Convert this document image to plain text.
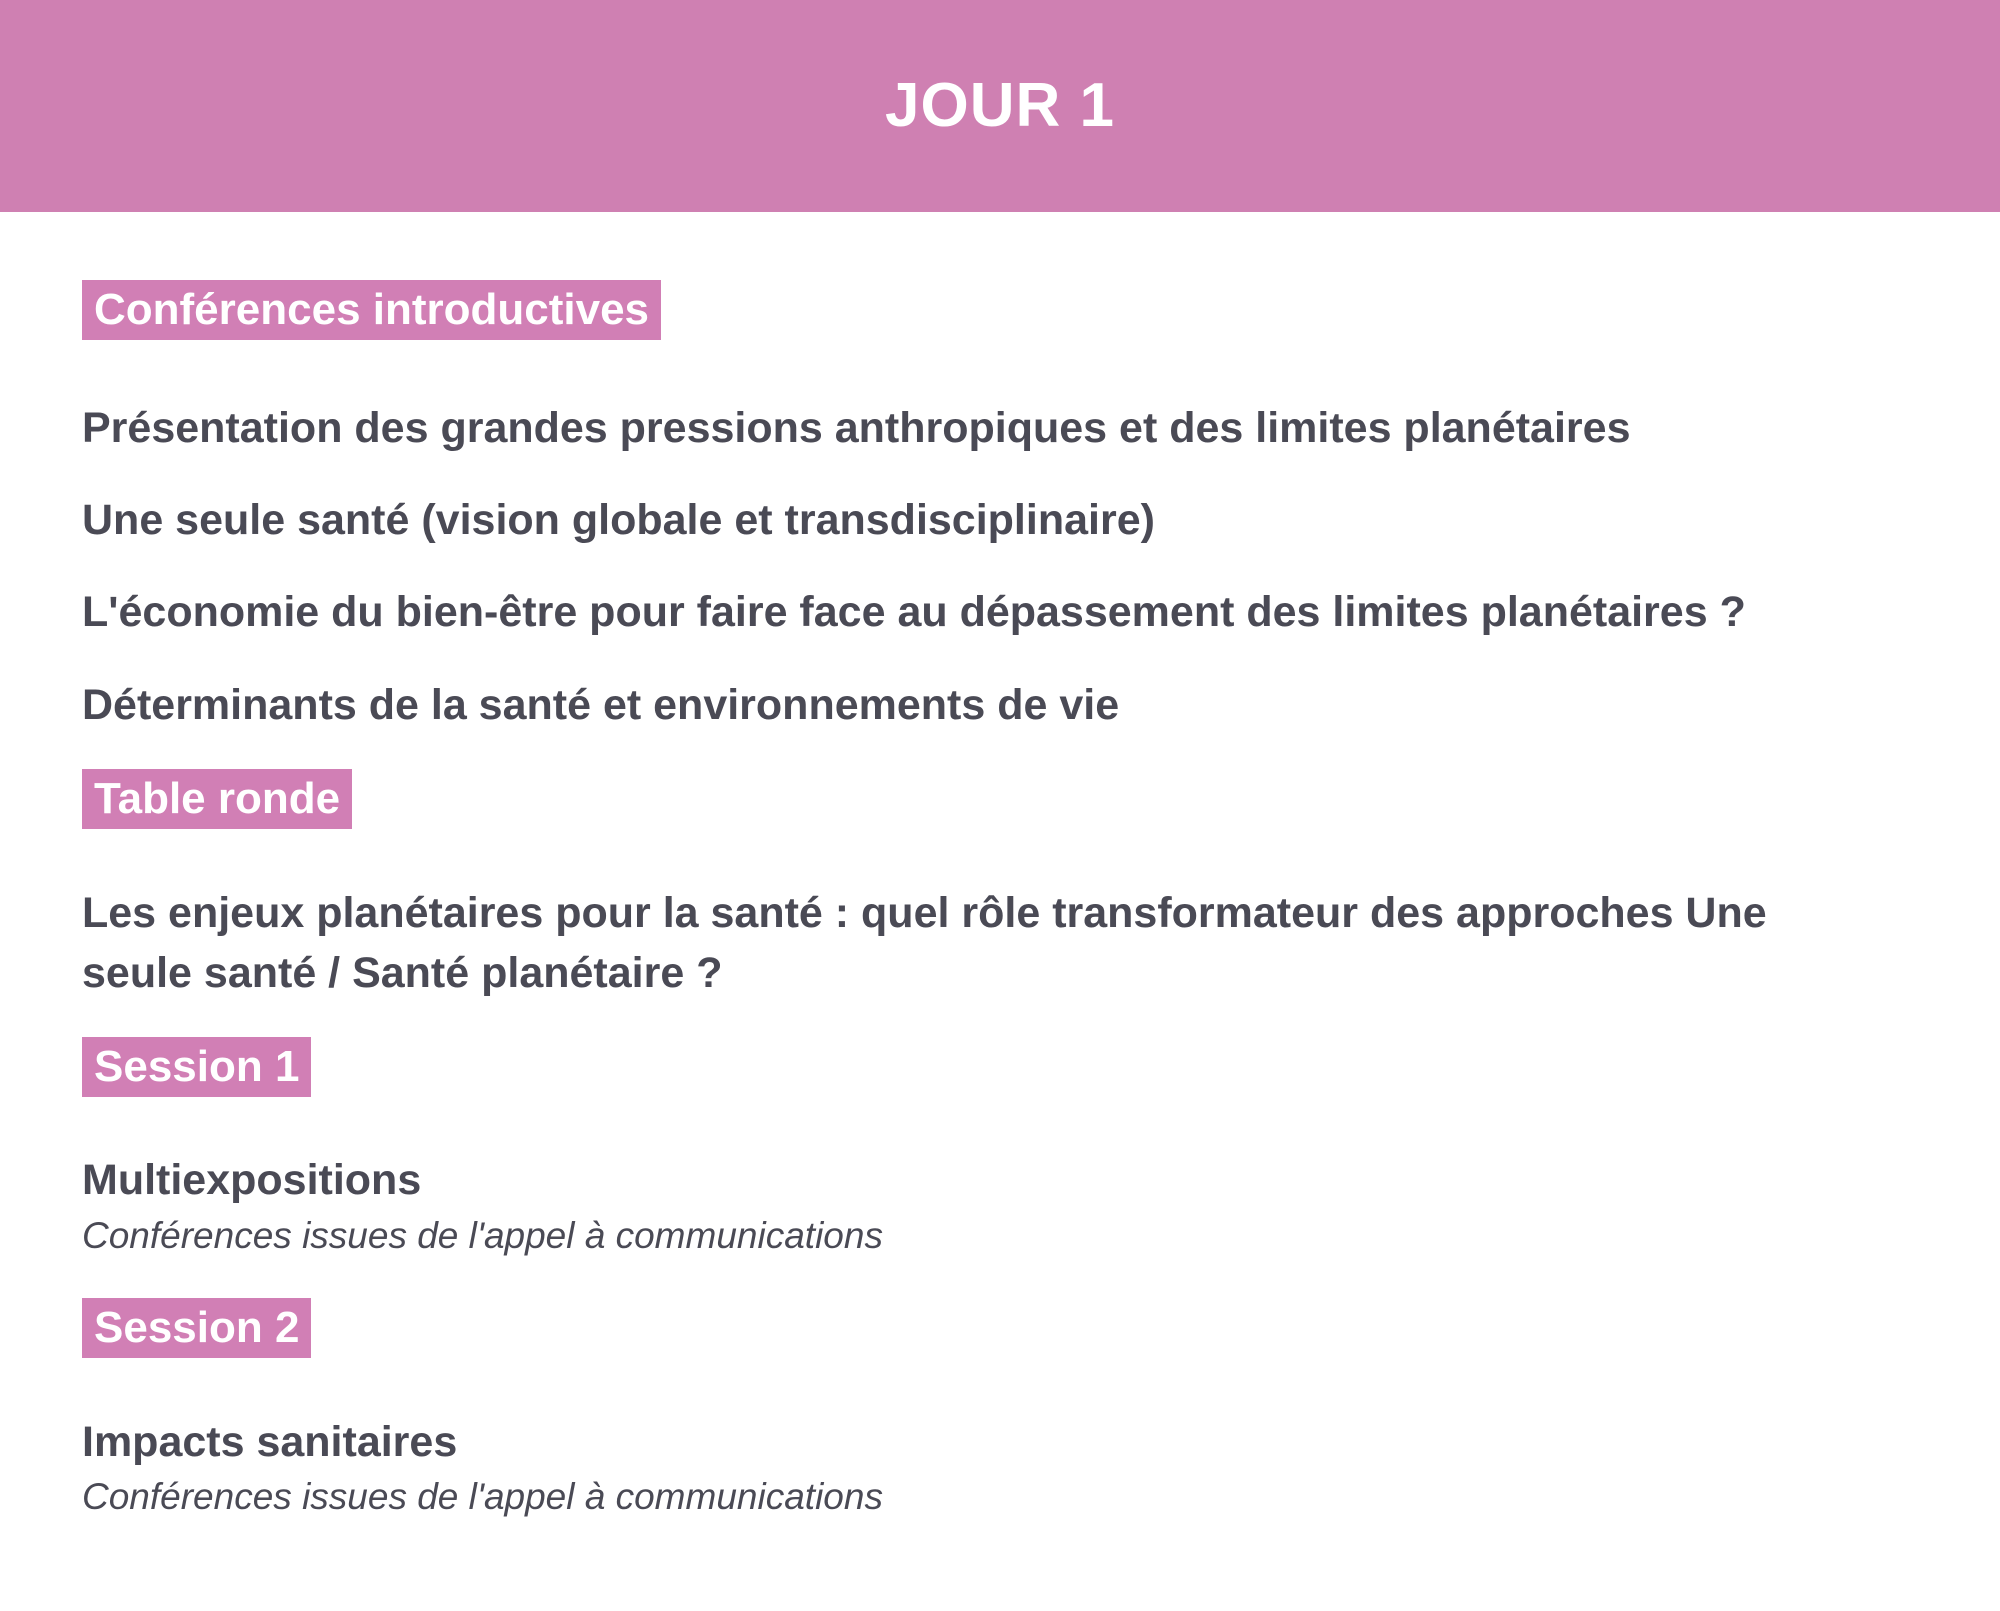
JOUR 1
Conférences introductives
Présentation des grandes pressions anthropiques et des limites planétaires
Une seule santé (vision globale et transdisciplinaire)
L'économie du bien-être pour faire face au dépassement des limites planétaires ?
Déterminants de la santé et environnements de vie
Table ronde
Les enjeux planétaires pour la santé : quel rôle transformateur des approches Une seule santé / Santé planétaire ?
Session 1
Multiexpositions
Conférences issues de l'appel à communications
Session 2
Impacts sanitaires
Conférences issues de l'appel à communications
